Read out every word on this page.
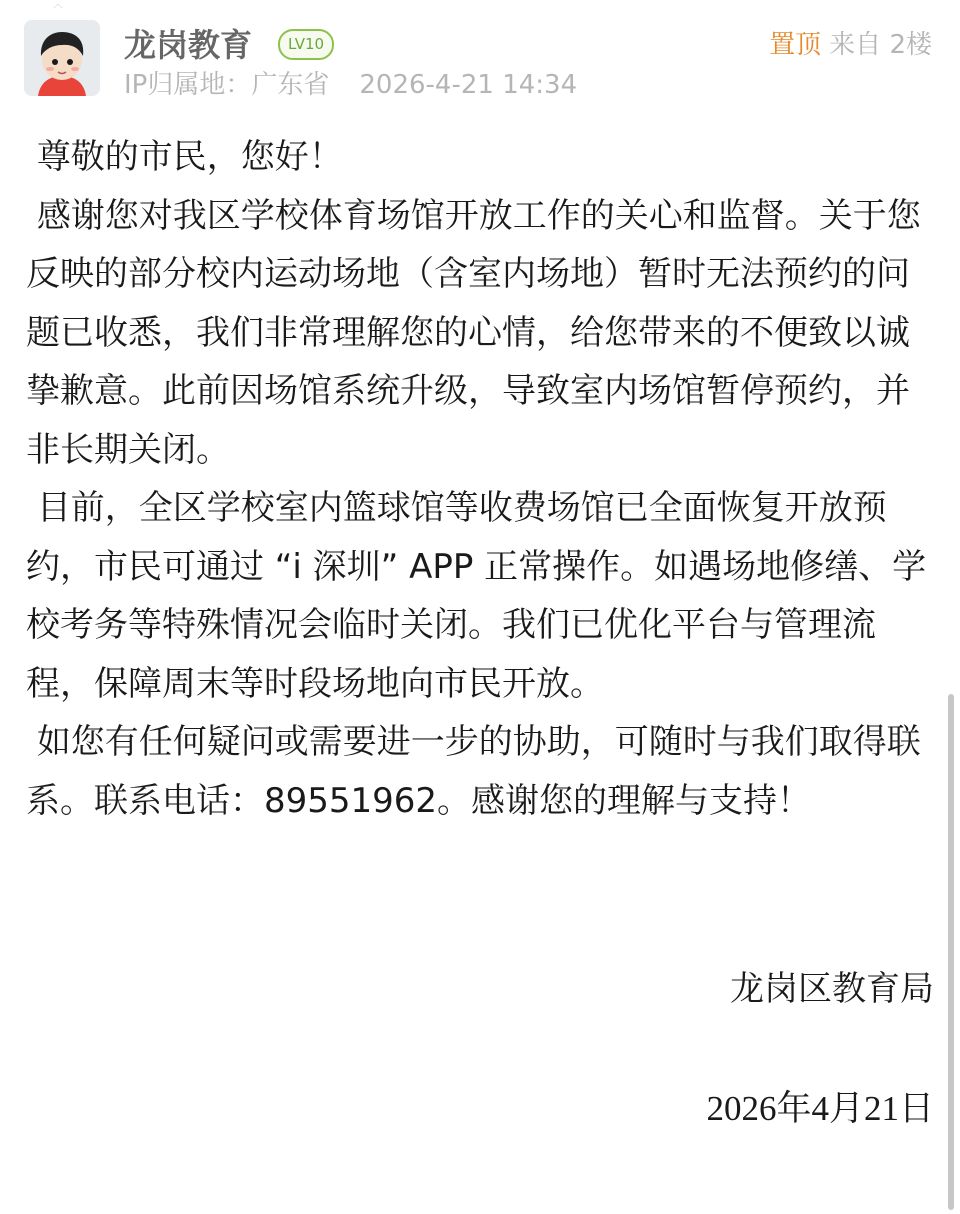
︿
龙岗教育	LV10
IP归属地：广东省 2026-4-21 14:34
置顶 来自 2楼

尊敬的市民，您好！

感谢您对我区学校体育场馆开放工作的关心和监督。关于您反映的部分校内运动场地（含室内场地）暂时无法预约的问题已收悉，我们非常理解您的心情，给您带来的不便致以诚挚歉意。此前因场馆系统升级，导致室内场馆暂停预约，并非长期关闭。

目前，全区学校室内篮球馆等收费场馆已全面恢复开放预约，市民可通过 “i 深圳” APP 正常操作。如遇场地修缮、学校考务等特殊情况会临时关闭。我们已优化平台与管理流程，保障周末等时段场地向市民开放。

如您有任何疑问或需要进一步的协助，可随时与我们取得联系。联系电话：89551962。感谢您的理解与支持！

龙岗区教育局
2026年4月21日
